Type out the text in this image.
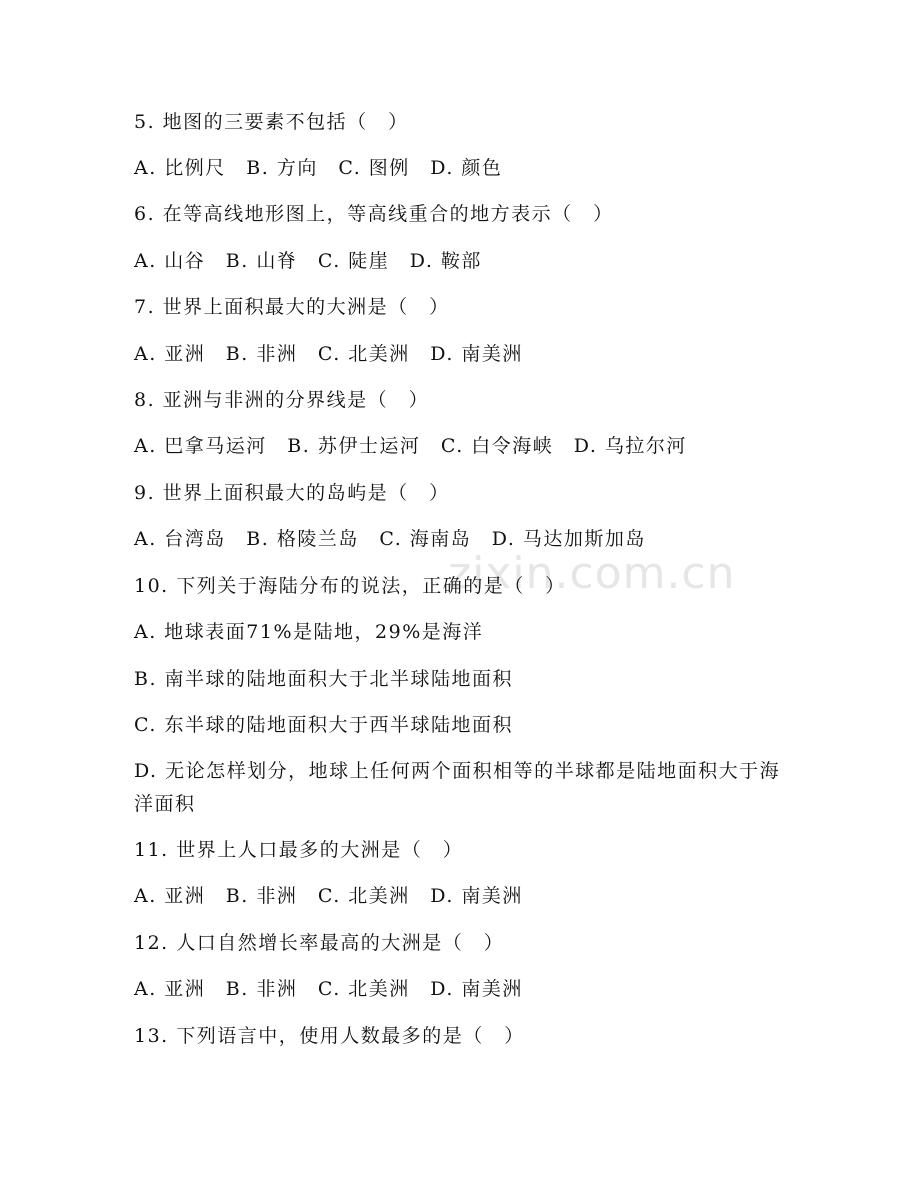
zixin.com.cn
5. 地图的三要素不包括（　）
A. 比例尺　B. 方向　C. 图例　D. 颜色
6. 在等高线地形图上，等高线重合的地方表示（　）
A. 山谷　B. 山脊　C. 陡崖　D. 鞍部
7. 世界上面积最大的大洲是（　）
A. 亚洲　B. 非洲　C. 北美洲　D. 南美洲
8. 亚洲与非洲的分界线是（　）
A. 巴拿马运河　B. 苏伊士运河　C. 白令海峡　D. 乌拉尔河
9. 世界上面积最大的岛屿是（　）
A. 台湾岛　B. 格陵兰岛　C. 海南岛　D. 马达加斯加岛
10. 下列关于海陆分布的说法，正确的是（　）
A. 地球表面71%是陆地，29%是海洋
B. 南半球的陆地面积大于北半球陆地面积
C. 东半球的陆地面积大于西半球陆地面积
D. 无论怎样划分，地球上任何两个面积相等的半球都是陆地面积大于海洋面积
11. 世界上人口最多的大洲是（　）
A. 亚洲　B. 非洲　C. 北美洲　D. 南美洲
12. 人口自然增长率最高的大洲是（　）
A. 亚洲　B. 非洲　C. 北美洲　D. 南美洲
13. 下列语言中，使用人数最多的是（　）
